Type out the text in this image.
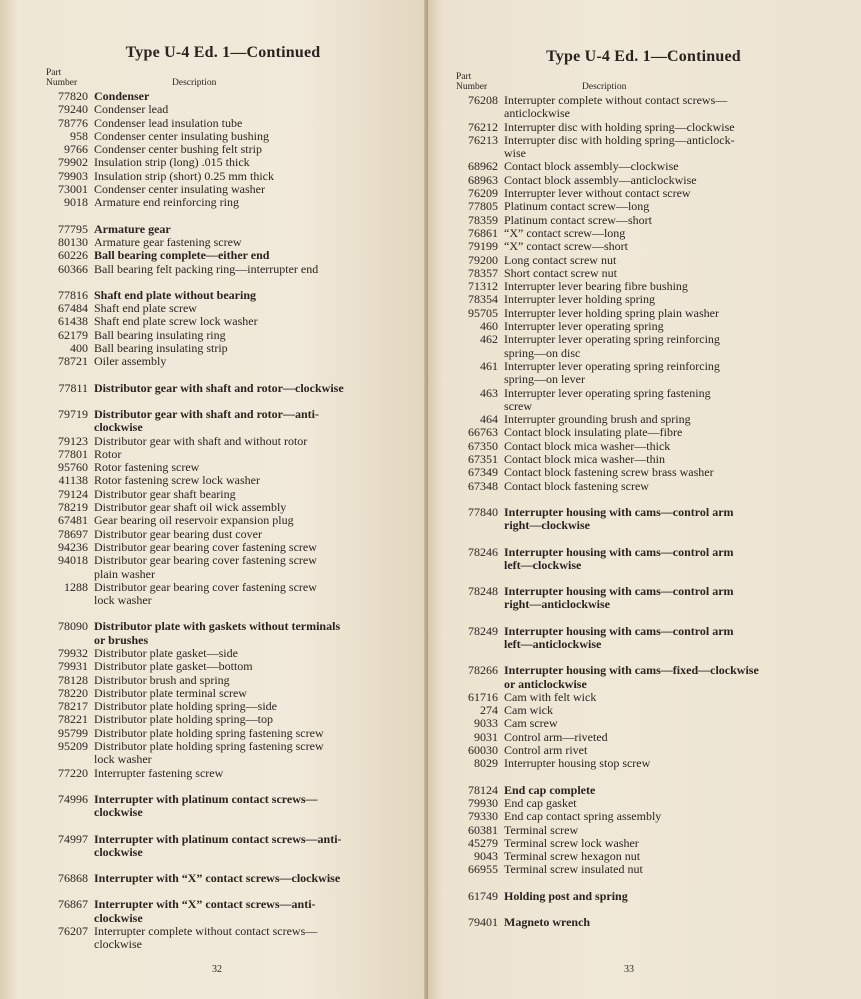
Type U-4 Ed. 1—Continued
Part Number	Description
77820 Condenser
79240 Condenser lead
78776 Condenser lead insulation tube
958 Condenser center insulating bushing
9766 Condenser center bushing felt strip
79902 Insulation strip (long) .015 thick
79903 Insulation strip (short) 0.25 mm thick
73001 Condenser center insulating washer
9018 Armature end reinforcing ring
77795 Armature gear
80130 Armature gear fastening screw
60226 Ball bearing complete—either end
60366 Ball bearing felt packing ring—interrupter end
77816 Shaft end plate without bearing
67484 Shaft end plate screw
61438 Shaft end plate screw lock washer
62179 Ball bearing insulating ring
400 Ball bearing insulating strip
78721 Oiler assembly
77811 Distributor gear with shaft and rotor—clockwise
79719 Distributor gear with shaft and rotor—anti-
clockwise
79123 Distributor gear with shaft and without rotor
77801 Rotor
95760 Rotor fastening screw
41138 Rotor fastening screw lock washer
79124 Distributor gear shaft bearing
78219 Distributor gear shaft oil wick assembly
67481 Gear bearing oil reservoir expansion plug
78697 Distributor gear bearing dust cover
94236 Distributor gear bearing cover fastening screw
94018 Distributor gear bearing cover fastening screw
plain washer
1288 Distributor gear bearing cover fastening screw
lock washer
78090 Distributor plate with gaskets without terminals
or brushes
79932 Distributor plate gasket—side
79931 Distributor plate gasket—bottom
78128 Distributor brush and spring
78220 Distributor plate terminal screw
78217 Distributor plate holding spring—side
78221 Distributor plate holding spring—top
95799 Distributor plate holding spring fastening screw
95209 Distributor plate holding spring fastening screw
lock washer
77220 Interrupter fastening screw
74996 Interrupter with platinum contact screws—
clockwise
74997 Interrupter with platinum contact screws—anti-
clockwise
76868 Interrupter with “X” contact screws—clockwise
76867 Interrupter with “X” contact screws—anti-
clockwise
76207 Interrupter complete without contact screws—
clockwise
32
Type U-4 Ed. 1—Continued
Part Number	Description
76208 Interrupter complete without contact screws—
anticlockwise
76212 Interrupter disc with holding spring—clockwise
76213 Interrupter disc with holding spring—anticlock-
wise
68962 Contact block assembly—clockwise
68963 Contact block assembly—anticlockwise
76209 Interrupter lever without contact screw
77805 Platinum contact screw—long
78359 Platinum contact screw—short
76861 “X” contact screw—long
79199 “X” contact screw—short
79200 Long contact screw nut
78357 Short contact screw nut
71312 Interrupter lever bearing fibre bushing
78354 Interrupter lever holding spring
95705 Interrupter lever holding spring plain washer
460 Interrupter lever operating spring
462 Interrupter lever operating spring reinforcing
spring—on disc
461 Interrupter lever operating spring reinforcing
spring—on lever
463 Interrupter lever operating spring fastening
screw
464 Interrupter grounding brush and spring
66763 Contact block insulating plate—fibre
67350 Contact block mica washer—thick
67351 Contact block mica washer—thin
67349 Contact block fastening screw brass washer
67348 Contact block fastening screw
77840 Interrupter housing with cams—control arm
right—clockwise
78246 Interrupter housing with cams—control arm
left—clockwise
78248 Interrupter housing with cams—control arm
right—anticlockwise
78249 Interrupter housing with cams—control arm
left—anticlockwise
78266 Interrupter housing with cams—fixed—clockwise
or anticlockwise
61716 Cam with felt wick
274 Cam wick
9033 Cam screw
9031 Control arm—riveted
60030 Control arm rivet
8029 Interrupter housing stop screw
78124 End cap complete
79930 End cap gasket
79330 End cap contact spring assembly
60381 Terminal screw
45279 Terminal screw lock washer
9043 Terminal screw hexagon nut
66955 Terminal screw insulated nut
61749 Holding post and spring
79401 Magneto wrench
33
